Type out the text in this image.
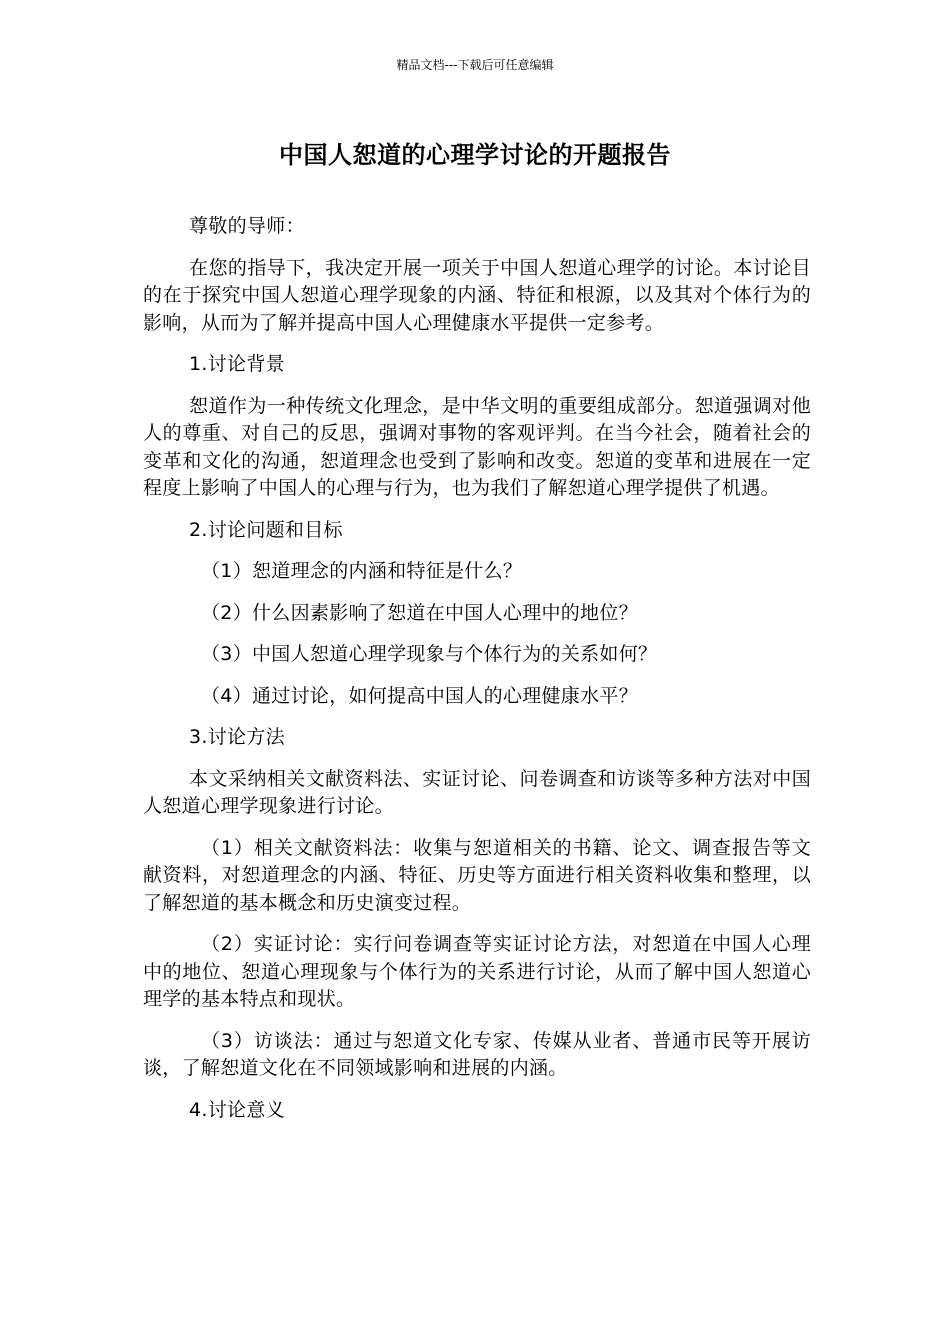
精品文档---下载后可任意编辑
中国人恕道的心理学讨论的开题报告

尊敬的导师：

在您的指导下，我决定开展一项关于中国人恕道心理学的讨论。本讨论目的在于探究中国人恕道心理学现象的内涵、特征和根源，以及其对个体行为的影响，从而为了解并提高中国人心理健康水平提供一定参考。

1.讨论背景

恕道作为一种传统文化理念，是中华文明的重要组成部分。恕道强调对他人的尊重、对自己的反思，强调对事物的客观评判。在当今社会，随着社会的变革和文化的沟通，恕道理念也受到了影响和改变。恕道的变革和进展在一定程度上影响了中国人的心理与行为，也为我们了解恕道心理学提供了机遇。

2.讨论问题和目标

（1）恕道理念的内涵和特征是什么？

（2）什么因素影响了恕道在中国人心理中的地位？

（3）中国人恕道心理学现象与个体行为的关系如何？

（4）通过讨论，如何提高中国人的心理健康水平？

3.讨论方法

本文采纳相关文献资料法、实证讨论、问卷调查和访谈等多种方法对中国人恕道心理学现象进行讨论。

（1）相关文献资料法：收集与恕道相关的书籍、论文、调查报告等文献资料，对恕道理念的内涵、特征、历史等方面进行相关资料收集和整理，以了解恕道的基本概念和历史演变过程。

（2）实证讨论：实行问卷调查等实证讨论方法，对恕道在中国人心理中的地位、恕道心理现象与个体行为的关系进行讨论，从而了解中国人恕道心理学的基本特点和现状。

（3）访谈法：通过与恕道文化专家、传媒从业者、普通市民等开展访谈，了解恕道文化在不同领域影响和进展的内涵。

4.讨论意义
